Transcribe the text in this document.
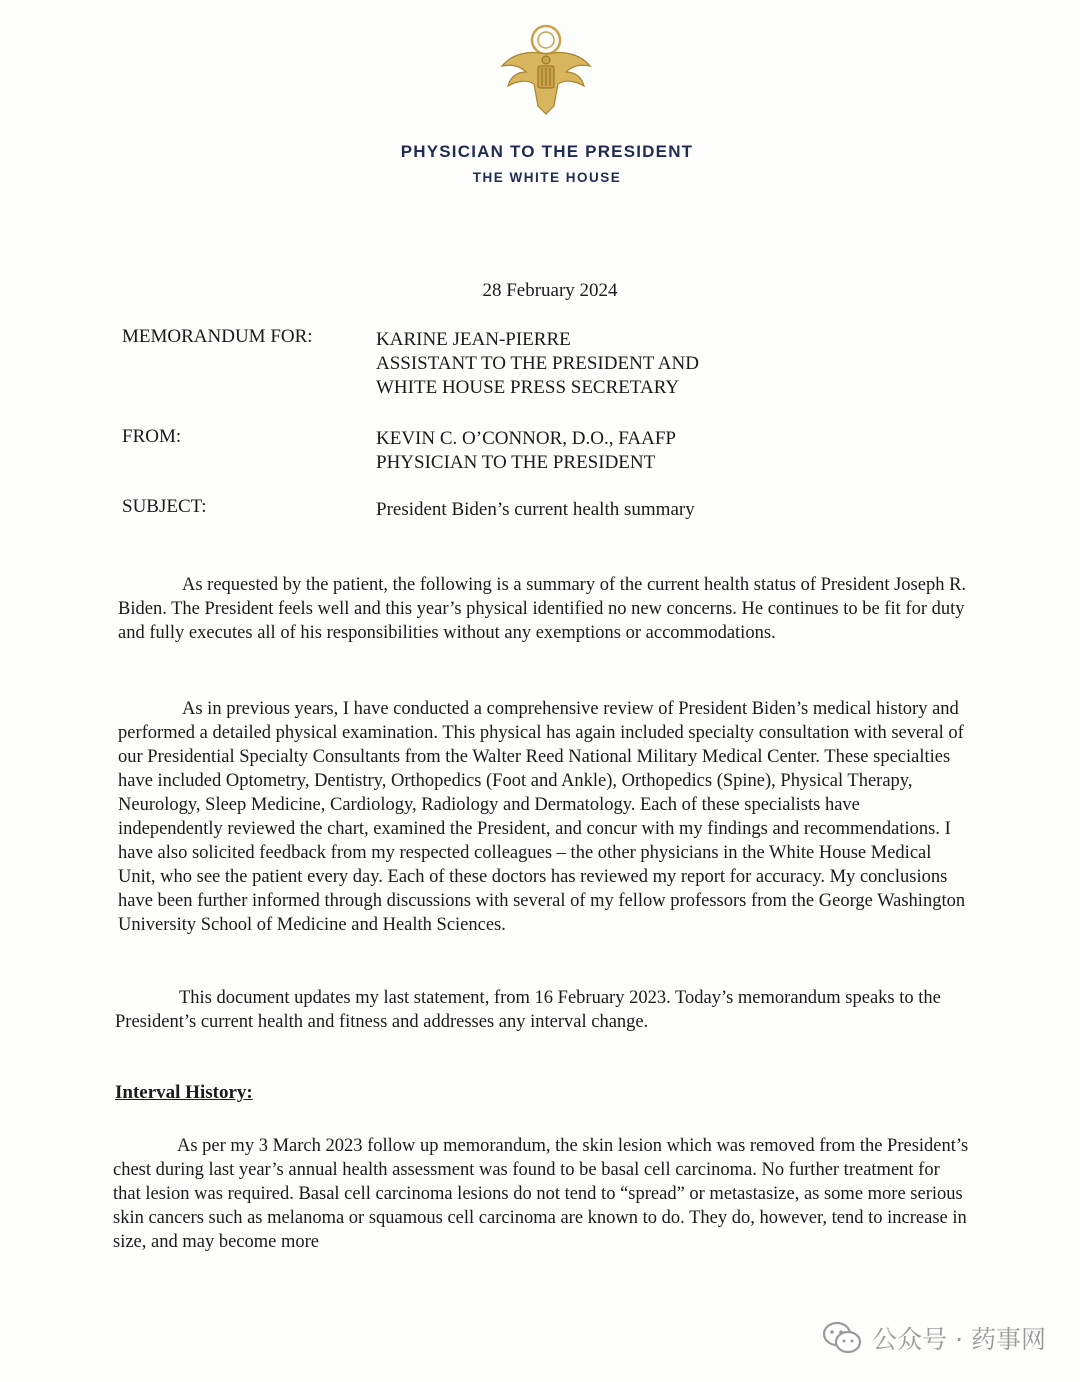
PHYSICIAN TO THE PRESIDENT
THE WHITE HOUSE
28 February 2024
MEMORANDUM FOR:	KARINE JEAN-PIERRE
ASSISTANT TO THE PRESIDENT AND
WHITE HOUSE PRESS SECRETARY
FROM:	KEVIN C. O’CONNOR, D.O., FAAFP
PHYSICIAN TO THE PRESIDENT
SUBJECT:	President Biden’s current health summary
As requested by the patient, the following is a summary of the current health status of President Joseph R. Biden. The President feels well and this year’s physical identified no new concerns. He continues to be fit for duty and fully executes all of his responsibilities without any exemptions or accommodations.
As in previous years, I have conducted a comprehensive review of President Biden’s medical history and performed a detailed physical examination. This physical has again included specialty consultation with several of our Presidential Specialty Consultants from the Walter Reed National Military Medical Center. These specialties have included Optometry, Dentistry, Orthopedics (Foot and Ankle), Orthopedics (Spine), Physical Therapy, Neurology, Sleep Medicine, Cardiology, Radiology and Dermatology. Each of these specialists have independently reviewed the chart, examined the President, and concur with my findings and recommendations. I have also solicited feedback from my respected colleagues – the other physicians in the White House Medical Unit, who see the patient every day. Each of these doctors has reviewed my report for accuracy. My conclusions have been further informed through discussions with several of my fellow professors from the George Washington University School of Medicine and Health Sciences.
This document updates my last statement, from 16 February 2023. Today’s memorandum speaks to the President’s current health and fitness and addresses any interval change.
Interval History:
As per my 3 March 2023 follow up memorandum, the skin lesion which was removed from the President’s chest during last year’s annual health assessment was found to be basal cell carcinoma. No further treatment for that lesion was required. Basal cell carcinoma lesions do not tend to “spread” or metastasize, as some more serious skin cancers such as melanoma or squamous cell carcinoma are known to do. They do, however, tend to increase in size, and may become more
公众号 · 药事网
